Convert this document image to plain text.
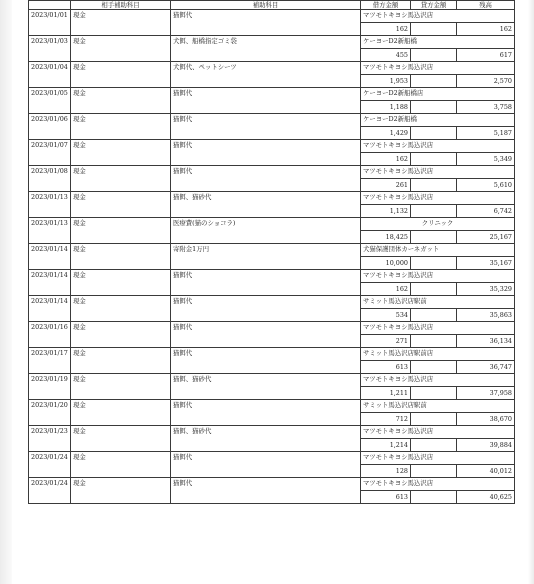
	相手補助科目	補助科目	借方金額	貸方金額	残高
2023/01/01	現金	猫餌代	マツモトキヨシ馬込沢店		
			162		162
2023/01/03	現金	犬餌、船橋指定ゴミ袋	ケーヨーD2新船橋		
			455		617
2023/01/04	現金	犬餌代、ペットシーツ	マツモトキヨシ馬込沢店		
			1,953		2,570
2023/01/05	現金	猫餌代	ケーヨーD2新船橋店		
			1,188		3,758
2023/01/06	現金	猫餌代	ケーヨーD2新船橋		
			1,429		5,187
2023/01/07	現金	猫餌代	マツモトキヨシ馬込沢店		
			162		5,349
2023/01/08	現金	猫餌代	マツモトキヨシ馬込沢店		
			261		5,610
2023/01/13	現金	猫餌、猫砂代	マツモトキヨシ馬込沢店		
			1,132		6,742
2023/01/13	現金	医療費(猫のショコラ)	クリニック		
			18,425		25,167
2023/01/14	現金	寄附金1万円	犬猫保護団体カーネガット		
			10,000		35,167
2023/01/14	現金	猫餌代	マツモトキヨシ馬込沢店		
			162		35,329
2023/01/14	現金	猫餌代	サミット馬込沢店駅前		
			534		35,863
2023/01/16	現金	猫餌代	マツモトキヨシ馬込沢店		
			271		36,134
2023/01/17	現金	猫餌代	サミット馬込沢店駅前店		
			613		36,747
2023/01/19	現金	猫餌、猫砂代	マツモトキヨシ馬込沢店		
			1,211		37,958
2023/01/20	現金	猫餌代	サミット馬込沢店駅前		
			712		38,670
2023/01/23	現金	猫餌、猫砂代	マツモトキヨシ馬込沢店		
			1,214		39,884
2023/01/24	現金	猫餌代	マツモトキヨシ馬込沢店		
			128		40,012
2023/01/24	現金	猫餌代	マツモトキヨシ馬込沢店		
			613		40,625
